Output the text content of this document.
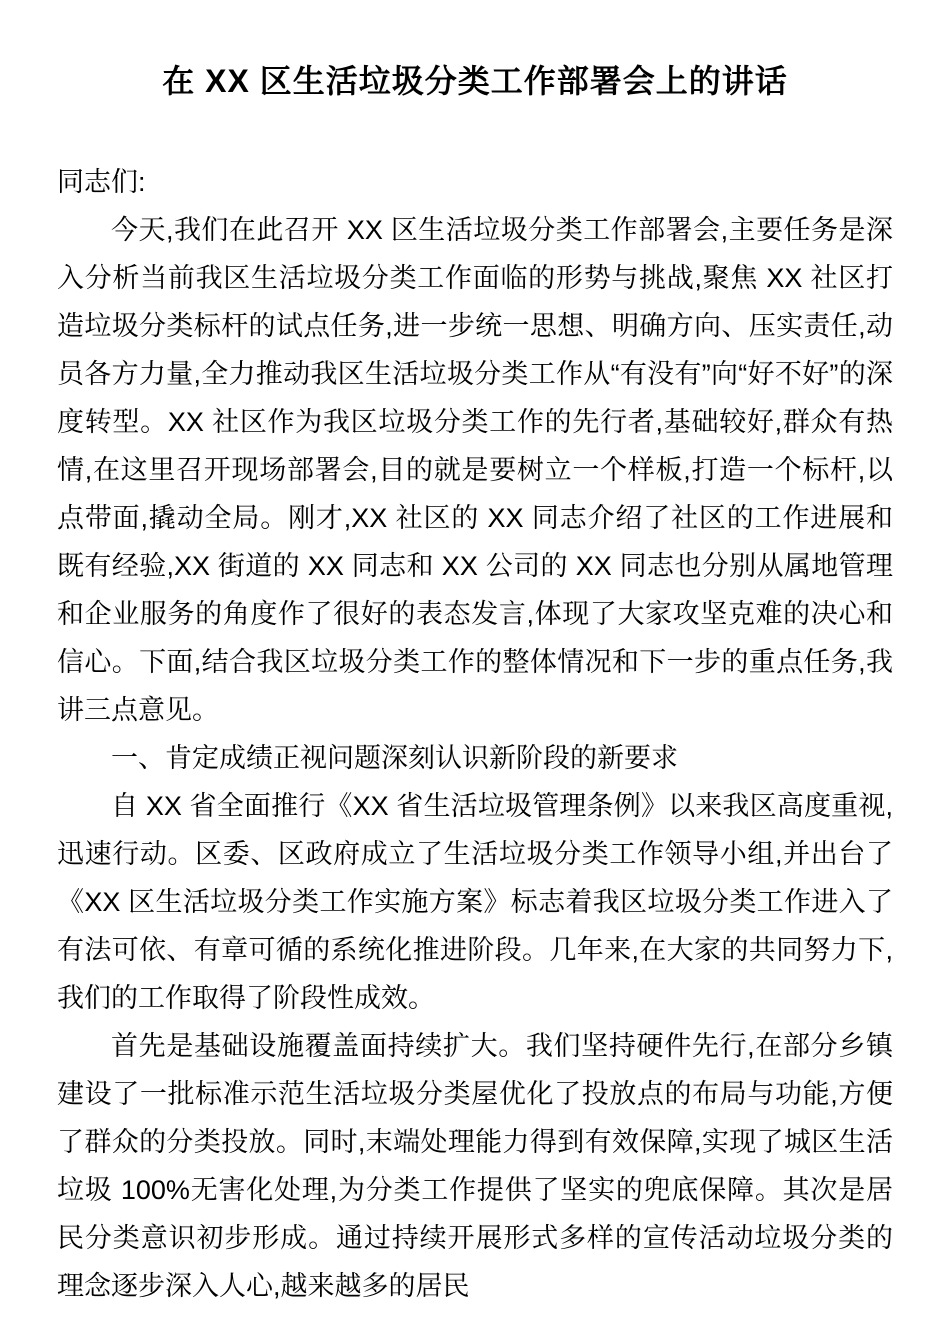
在 XX 区生活垃圾分类工作部署会上的讲话
同志们:
今天,我们在此召开 XX 区生活垃圾分类工作部署会,主要任务是深入分析当前我区生活垃圾分类工作面临的形势与挑战,聚焦 XX 社区打造垃圾分类标杆的试点任务,进一步统一思想、明确方向、压实责任,动员各方力量,全力推动我区生活垃圾分类工作从“有没有”向“好不好”的深度转型。XX 社区作为我区垃圾分类工作的先行者,基础较好,群众有热情,在这里召开现场部署会,目的就是要树立一个样板,打造一个标杆,以点带面,撬动全局。刚才,XX 社区的 XX 同志介绍了社区的工作进展和既有经验,XX 街道的 XX 同志和 XX 公司的 XX 同志也分别从属地管理和企业服务的角度作了很好的表态发言,体现了大家攻坚克难的决心和信心。下面,结合我区垃圾分类工作的整体情况和下一步的重点任务,我讲三点意见。
一、肯定成绩正视问题深刻认识新阶段的新要求
自 XX 省全面推行《XX 省生活垃圾管理条例》以来我区高度重视,迅速行动。区委、区政府成立了生活垃圾分类工作领导小组,并出台了《XX 区生活垃圾分类工作实施方案》标志着我区垃圾分类工作进入了有法可依、有章可循的系统化推进阶段。几年来,在大家的共同努力下,我们的工作取得了阶段性成效。
首先是基础设施覆盖面持续扩大。我们坚持硬件先行,在部分乡镇建设了一批标准示范生活垃圾分类屋优化了投放点的布局与功能,方便了群众的分类投放。同时,末端处理能力得到有效保障,实现了城区生活垃圾 100%无害化处理,为分类工作提供了坚实的兜底保障。其次是居民分类意识初步形成。通过持续开展形式多样的宣传活动垃圾分类的理念逐步深入人心,越来越多的居民
